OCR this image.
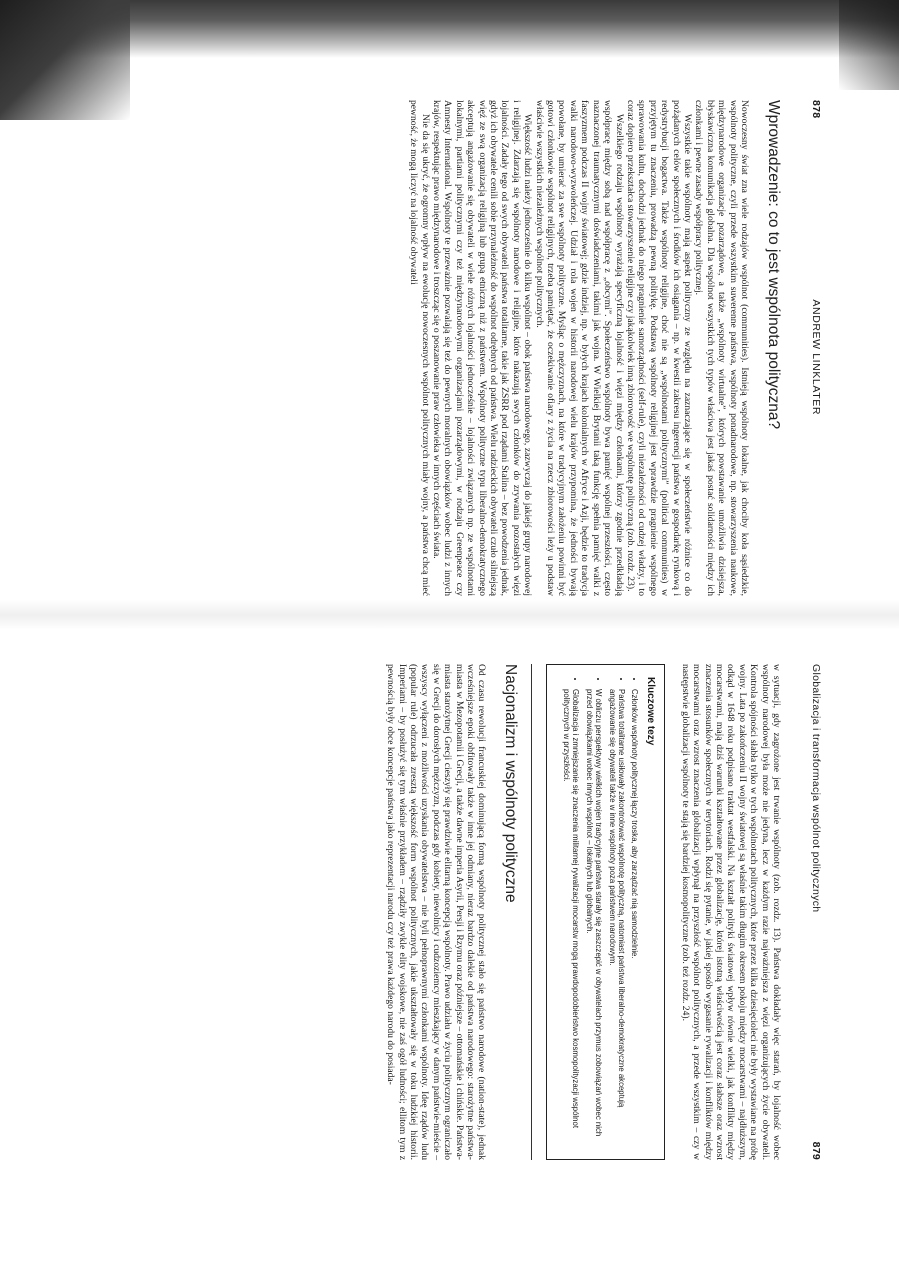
878
ANDREW LINKLATER
Wprowadzenie: co to jest wspólnota polityczna?

Nowoczesny świat zna wiele rodzajów wspólnot (communities). Istnieją wspólnoty lokalne, jak chociby koła sąsiedzkie, wspólnoty polityczne, czyli przede wszystkim suwerenne państwa, wspólnoty ponadnarodowe, np. stowarzyszenia naukowe, międzynarodowe organizacje pozarządowe, a także „wspólnoty wirtualne”, których powstawanie umożliwia dzisiejsza, błyskawiczna komunikacja globalna. Dla wspólnot wszystkich tych typów właściwa jest jakaś postać solidarności między ich członkami i pewne zasady współpracy politycznej.

Wszystkie takie wspólnoty mają aspekt polityczny ze względu na zaznaczające się w społeczeństwie różnice co do pożądanych celów społecznych i środków ich osiągania – np. w kwestii zakresu ingerencji państwa w gospodarkę rynkową i redystrybucji bogactwa. Także wspólnoty religijne, choć nie są „wspólnotami politycznymi” (political communities) w przyjętym tu znaczeniu, prowadzą pewną politykę. Podstawą wspólnoty religijnej jest wprawdzie pragnienie wspólnego sprawowania kultu, dochodzi jednak do niego pragnienie samorządności (self-rule), czyli niezależności od cudzej władzy, i to coraz dopiero przekształca stowarzyszenie religijne czy jakąkolwiek inną zbiorowość we wspólnotę polityczną (zob. rozdz. 23).

Wszelkiego rodzaju wspólnoty wyrażają specyficzną lojalność i więzi między członkami, którzy zgodnie przedkładają współpracę między sobą nad współpracę z „obcymi”. Społeczeństwo wspólnoty bywa pamięć wspólnej przeszłości, często naznaczonej traumatycznymi doświadczeniami, takimi jak wojna. W Wielkiej Brytanii taką funkcję spełnia pamięć walki z faszyzmem podczas II wojny światowej; gdzie indziej, np. w byłych krajach kolonialnych w Afryce i Azji, będzie to tradycja walki narodowo-wyzwoleńczej. Udział i rola wojen w historii narodowej wielu krajów przypomina, że jedności bywają powołane, by umierać za swe wspólnoty polityczne. Myśląc o mężczyznach, na które w tradycyjnym założeniu powinni być gotowi członkowie wspólnot religijnych, trzeba pamiętać, że oczekiwanie ofiary z życia na rzecz zbiorowości leży u podstaw właściwie wszystkich niezależnych wspólnot politycznych.

Większość ludzi należy jednocześnie do kilku wspólnot – obok państwa narodowego, zazwyczaj do jakiejś grupy narodowej i religijnej. Zdarzają się wspólnoty narodowe i religijne, które nakazują swych członków do zrywania pozostałych więzi lojalności. Zadały tego od swych obywateli państwa totalitarne, takie jak ZSRR pod rządami Stalina – bez powodzenia jednak, gdyż ich obywatele cenili sobie przynależność do wspólnot odrębnych od państwa. Wielu radzieckich obywateli czuło silniejszą więź ze swą organizacją religijną lub grupą etniczną niż z państwem. Wspólnoty polityczne typu liberalno-demokratycznego akceptują angażowanie się obywateli w wiele różnych lojalności jednocześnie – lojalności związanych np. ze wspólnotami lokalnymi, partiami politycznymi czy też międzynarodowymi organizacjami pozarządowymi, w rodzaju Greenpeace czy Amnesty International. Wspólnoty te przeważnie pozwalają się też do pewnych moralnych obowiązków wobec ludzi z innych krajów, respektując prawo międzynarodowe i troszcząc się o poszanowanie praw człowieka w innych częściach świata.

Nie da się ukryć, że ogromny wpływ na ewolucję nowoczesnych wspólnot politycznych miały wojny, a państwa chcą mieć pewność, że mogą liczyć na lojalność obywateli

Globalizacja i transformacja wspólnot politycznych
879

w sytuacji, gdy zagrożone jest trwanie wspólnoty (zob. rozdz. 13). Państwa dokładały więc starań, by lojalność wobec wspólnoty narodowej była może nie jedyna, lecz w każdym razie najważniejsza z więzi organizujących życie obywateli. Kontrola spójności słabła tylko w tych wspólnotach politycznych, które przez kilka dziesięcioleci nie były wystawiane na próbę wojny. Lata po zakończeniu II wojny światowej są właśnie takim długim okresem pokoju między mocarstwami – najdłuższym, odkąd w 1648 roku podpisano traktat westfalski. Na kształt polityki światowej wpływ równie wielki, jak konflikty między mocarstwami, mają dziś warunki kształtowane przez globalizację, której istotną właściwością jest coraz słabsze oraz wzrost znaczenia stosunków społecznych w terytoriach. Rodzi się pytanie, w jakiej sposób wygasanie rywalizacji i konfliktów między mocarstwami oraz wzrost znaczenia globalizacji wpłynął na przyszłość wspólnot politycznych, a przede wszystkim – czy w następstwie globalizacji wspólnoty te stają się bardziej kosmopolityczne (zob. też rozdz. 24).

Kluczowe tezy
• Członków wspólnoty politycznej łączy troska, aby zarządzać nią samodzielnie.
• Państwa totalitarne usiłowały zakontrolować wspólnotę polityczną, natomiast państwa liberalno-demokratyczne akceptują angażowanie się obywateli także w inne wspólnoty poza państwem narodowym.
• W obliczu perspektywy wielkich wojen tradycyjne państwa starały się zaszczepić w obywatelach przymus zobowiązań wobec nich przed obowiązkami wobec innych wspólnot – lokalnych lub globalnych.
• Globalizacja i zmniejszanie się znaczenia militarnej rywalizacji mocarstw mogą prawdopodobieństwo kosmopolityzacji wspólnot politycznych w przyszłości.
Nacjonalizm i wspólnoty polityczne

Od czasu rewolucji francuskiej dominującą formą wspólnoty politycznej stało się państwo narodowe (nation-state), jednak wcześniejsze epoki obfitowały także w inne jej odmiany, nieraz bardzo dalekie od państwa narodowego: starożytne państwa-miasta w Mezopotamii i Grecji, a także dawne imperia Asyrii, Persji i Rzymu oraz późniejsze – ottomańskie i chińskie. Państwa-miasta starożytnej Grecji cieszyły się prawdziwie elitarną koncepcją wspólnoty. Prawo udziału w życiu politycznym ograniczało się w Grecji do dorosłych mężczyzn, podczas gdy kobiety, niewolnicy i cudzoziemcy mieszkający w danym państwie-mieście – wszyscy wyłączeni z możliwości uzyskania obywatelstwa – nie byli pełnoprawnymi członkami wspólnoty. Ideę rządów ludu (popular rule) odrzucała zresztą większość form wspólnot politycznych, jakie ukształtowały się w toku ludzkiej historii. Imperiami – by posłużyć się tym właśnie przykładem – rządziły zwykle elity wojskowe, nie zaś ogół ludności; ellitom tym z pewnością były obce koncepcje państwa jako reprezentacji narodu czy też prawa każdego narodu do posiada-
